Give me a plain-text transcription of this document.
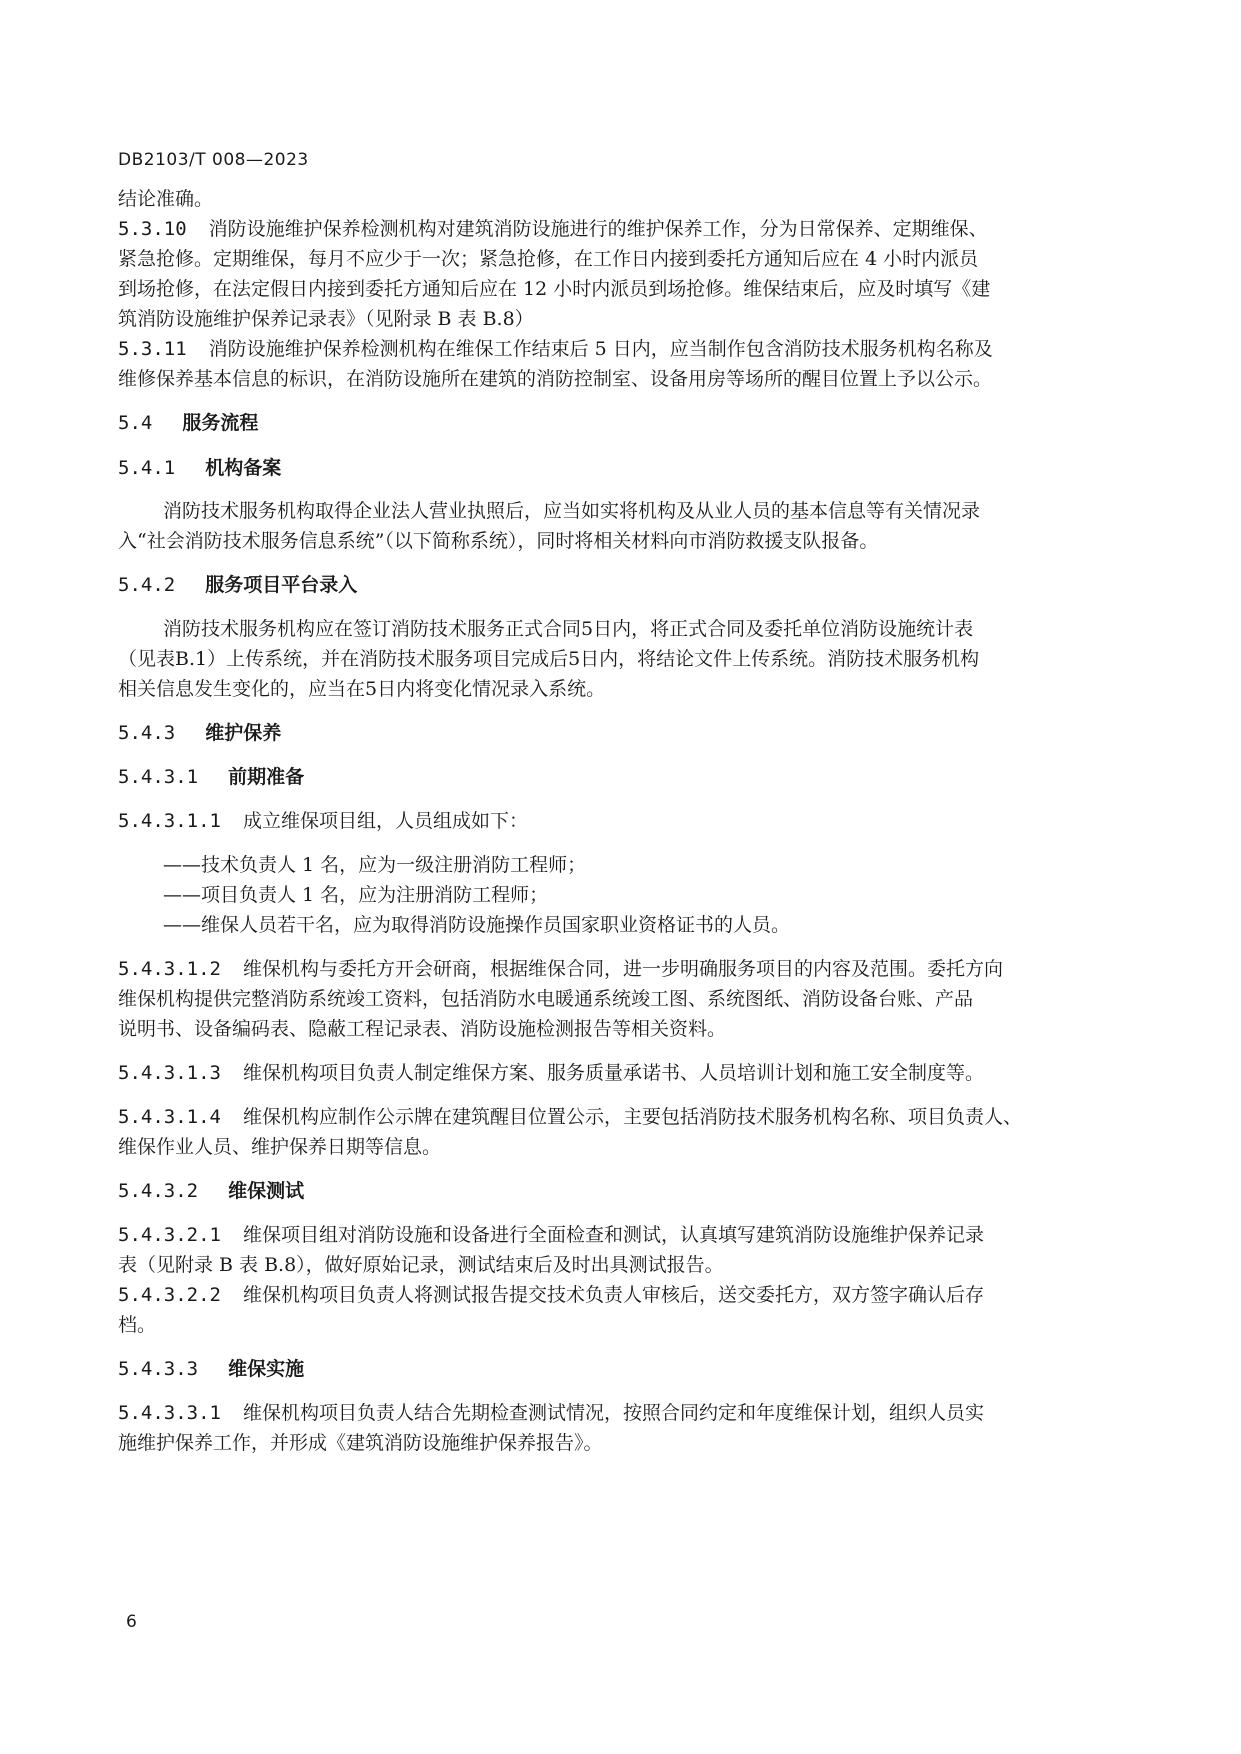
DB2103/T 008—2023
结论准确。
5.3.10 消防设施维护保养检测机构对建筑消防设施进行的维护保养工作，分为日常保养、定期维保、
紧急抢修。定期维保，每月不应少于一次；紧急抢修，在工作日内接到委托方通知后应在 4 小时内派员
到场抢修，在法定假日内接到委托方通知后应在 12 小时内派员到场抢修。维保结束后，应及时填写《建
筑消防设施维护保养记录表》（见附录 B 表 B.8）
5.3.11 消防设施维护保养检测机构在维保工作结束后 5 日内，应当制作包含消防技术服务机构名称及
维修保养基本信息的标识，在消防设施所在建筑的消防控制室、设备用房等场所的醒目位置上予以公示。
5.4 服务流程
5.4.1 机构备案
消防技术服务机构取得企业法人营业执照后，应当如实将机构及从业人员的基本信息等有关情况录
入“社会消防技术服务信息系统”（以下简称系统），同时将相关材料向市消防救援支队报备。
5.4.2 服务项目平台录入
消防技术服务机构应在签订消防技术服务正式合同5日内，将正式合同及委托单位消防设施统计表
（见表B.1）上传系统，并在消防技术服务项目完成后5日内，将结论文件上传系统。消防技术服务机构
相关信息发生变化的，应当在5日内将变化情况录入系统。
5.4.3 维护保养
5.4.3.1 前期准备
5.4.3.1.1 成立维保项目组，人员组成如下：
——技术负责人 1 名，应为一级注册消防工程师；
——项目负责人 1 名，应为注册消防工程师；
——维保人员若干名，应为取得消防设施操作员国家职业资格证书的人员。
5.4.3.1.2 维保机构与委托方开会研商，根据维保合同，进一步明确服务项目的内容及范围。委托方向
维保机构提供完整消防系统竣工资料，包括消防水电暖通系统竣工图、系统图纸、消防设备台账、产品
说明书、设备编码表、隐蔽工程记录表、消防设施检测报告等相关资料。
5.4.3.1.3 维保机构项目负责人制定维保方案、服务质量承诺书、人员培训计划和施工安全制度等。
5.4.3.1.4 维保机构应制作公示牌在建筑醒目位置公示，主要包括消防技术服务机构名称、项目负责人、
维保作业人员、维护保养日期等信息。
5.4.3.2 维保测试
5.4.3.2.1 维保项目组对消防设施和设备进行全面检查和测试，认真填写建筑消防设施维护保养记录
表（见附录 B 表 B.8），做好原始记录，测试结束后及时出具测试报告。
5.4.3.2.2 维保机构项目负责人将测试报告提交技术负责人审核后，送交委托方，双方签字确认后存
档。
5.4.3.3 维保实施
5.4.3.3.1 维保机构项目负责人结合先期检查测试情况，按照合同约定和年度维保计划，组织人员实
施维护保养工作，并形成《建筑消防设施维护保养报告》。
6
